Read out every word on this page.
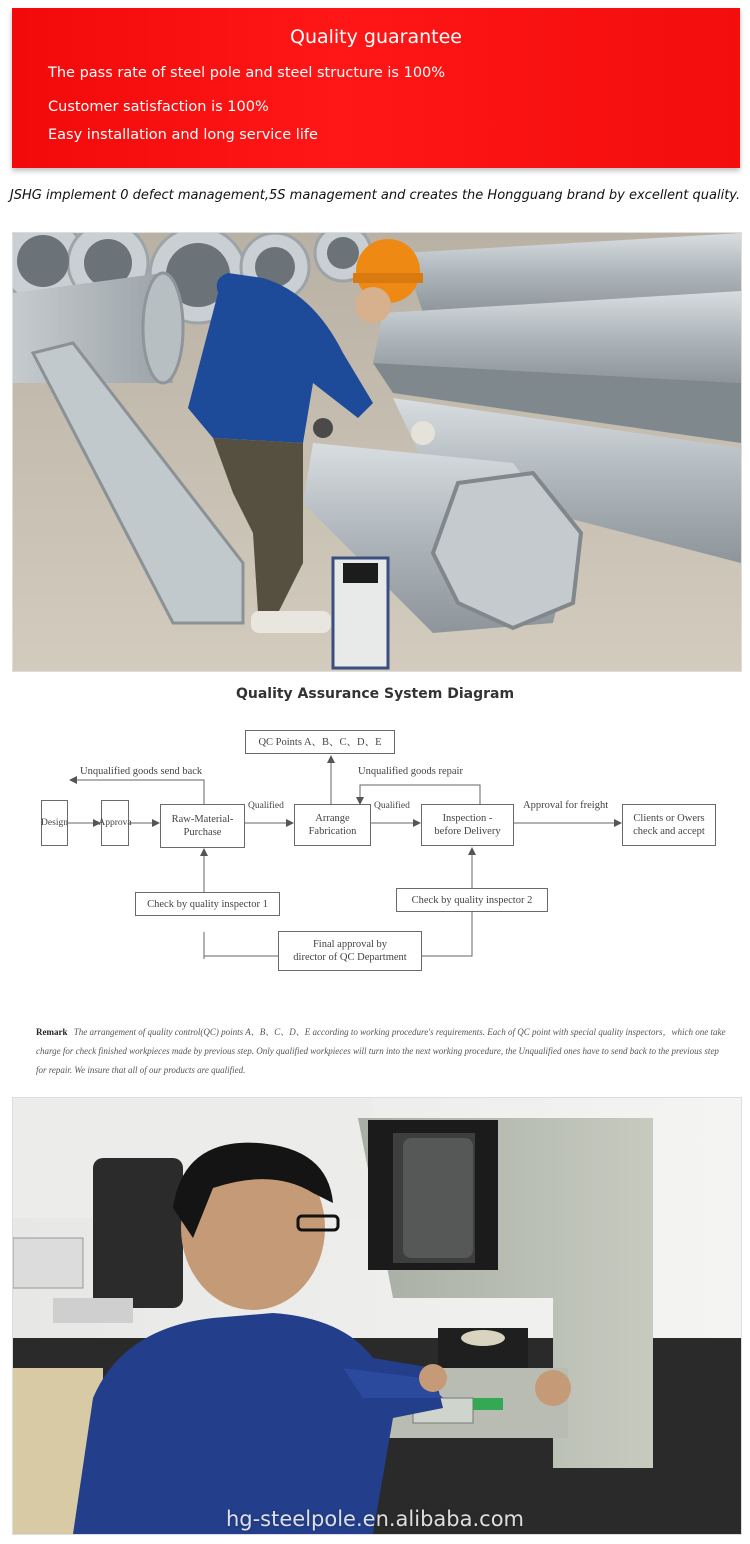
Quality guarantee
The pass rate of steel pole and steel structure is 100%
Customer satisfaction is 100%
Easy installation and long service life
JSHG implement 0 defect management,5S management and creates the Hongguang brand by excellent quality.
Quality Assurance System Diagram
QC Points A、B、C、D、E
Design	Approva	Raw-Material-
Purchase
Arrange
Fabrication
Inspection -
before Delivery
Clients or Owers
check and accept
Check by quality inspector 1	Check by quality inspector 2
Final approval by
director of QC Department
Unqualified goods send back	Unqualified goods repair
Qualified	Qualified	Approval for freight
Remark The arrangement of quality control(QC) points A、B、C、D、E according to working procedure's requirements. Each of QC point with special quality inspectors，which one take charge for check finished workpieces made by previous step. Only qualified workpieces will turn into the next working procedure, the Unqualified ones have to send back to the previous step for repair. We insure that all of our products are qualified.
hg-steelpole.en.alibaba.com
